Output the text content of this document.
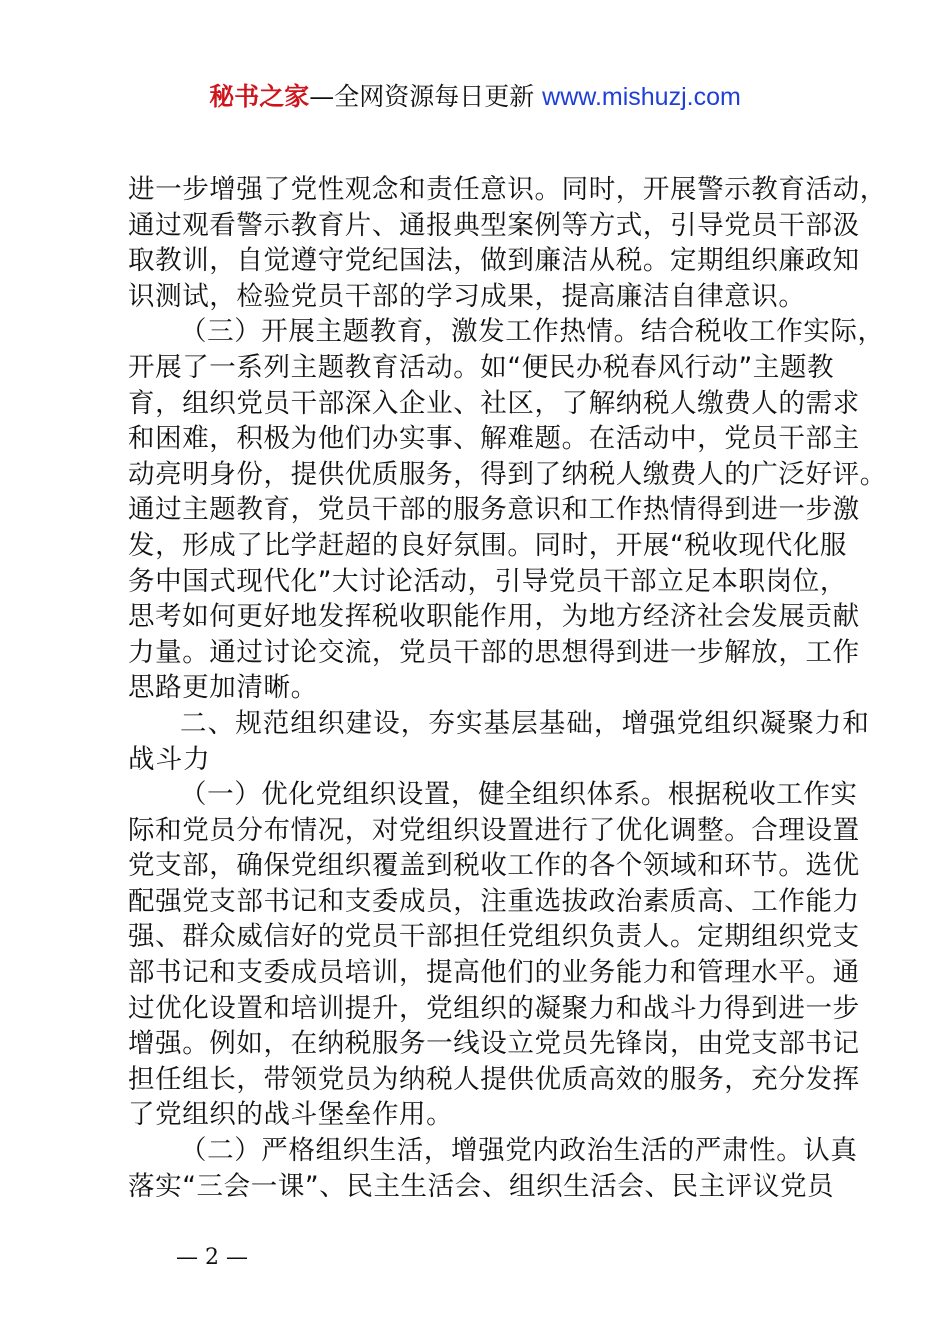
秘书之家—全网资源每日更新 www.mishuzj.com
进一步增强了党性观念和责任意识。同时，开展警示教育活动，
通过观看警示教育片、通报典型案例等方式，引导党员干部汲
取教训，自觉遵守党纪国法，做到廉洁从税。定期组织廉政知
识测试，检验党员干部的学习成果，提高廉洁自律意识。
（三）开展主题教育，激发工作热情。结合税收工作实际，
开展了一系列主题教育活动。如“便民办税春风行动”主题教
育，组织党员干部深入企业、社区，了解纳税人缴费人的需求
和困难，积极为他们办实事、解难题。在活动中，党员干部主
动亮明身份，提供优质服务，得到了纳税人缴费人的广泛好评。
通过主题教育，党员干部的服务意识和工作热情得到进一步激
发，形成了比学赶超的良好氛围。同时，开展“税收现代化服
务中国式现代化”大讨论活动，引导党员干部立足本职岗位，
思考如何更好地发挥税收职能作用，为地方经济社会发展贡献
力量。通过讨论交流，党员干部的思想得到进一步解放，工作
思路更加清晰。
二、规范组织建设，夯实基层基础，增强党组织凝聚力和
战斗力
（一）优化党组织设置，健全组织体系。根据税收工作实
际和党员分布情况，对党组织设置进行了优化调整。合理设置
党支部，确保党组织覆盖到税收工作的各个领域和环节。选优
配强党支部书记和支委成员，注重选拔政治素质高、工作能力
强、群众威信好的党员干部担任党组织负责人。定期组织党支
部书记和支委成员培训，提高他们的业务能力和管理水平。通
过优化设置和培训提升，党组织的凝聚力和战斗力得到进一步
增强。例如，在纳税服务一线设立党员先锋岗，由党支部书记
担任组长，带领党员为纳税人提供优质高效的服务，充分发挥
了党组织的战斗堡垒作用。
（二）严格组织生活，增强党内政治生活的严肃性。认真
落实“三会一课”、民主生活会、组织生活会、民主评议党员
— 2 —
